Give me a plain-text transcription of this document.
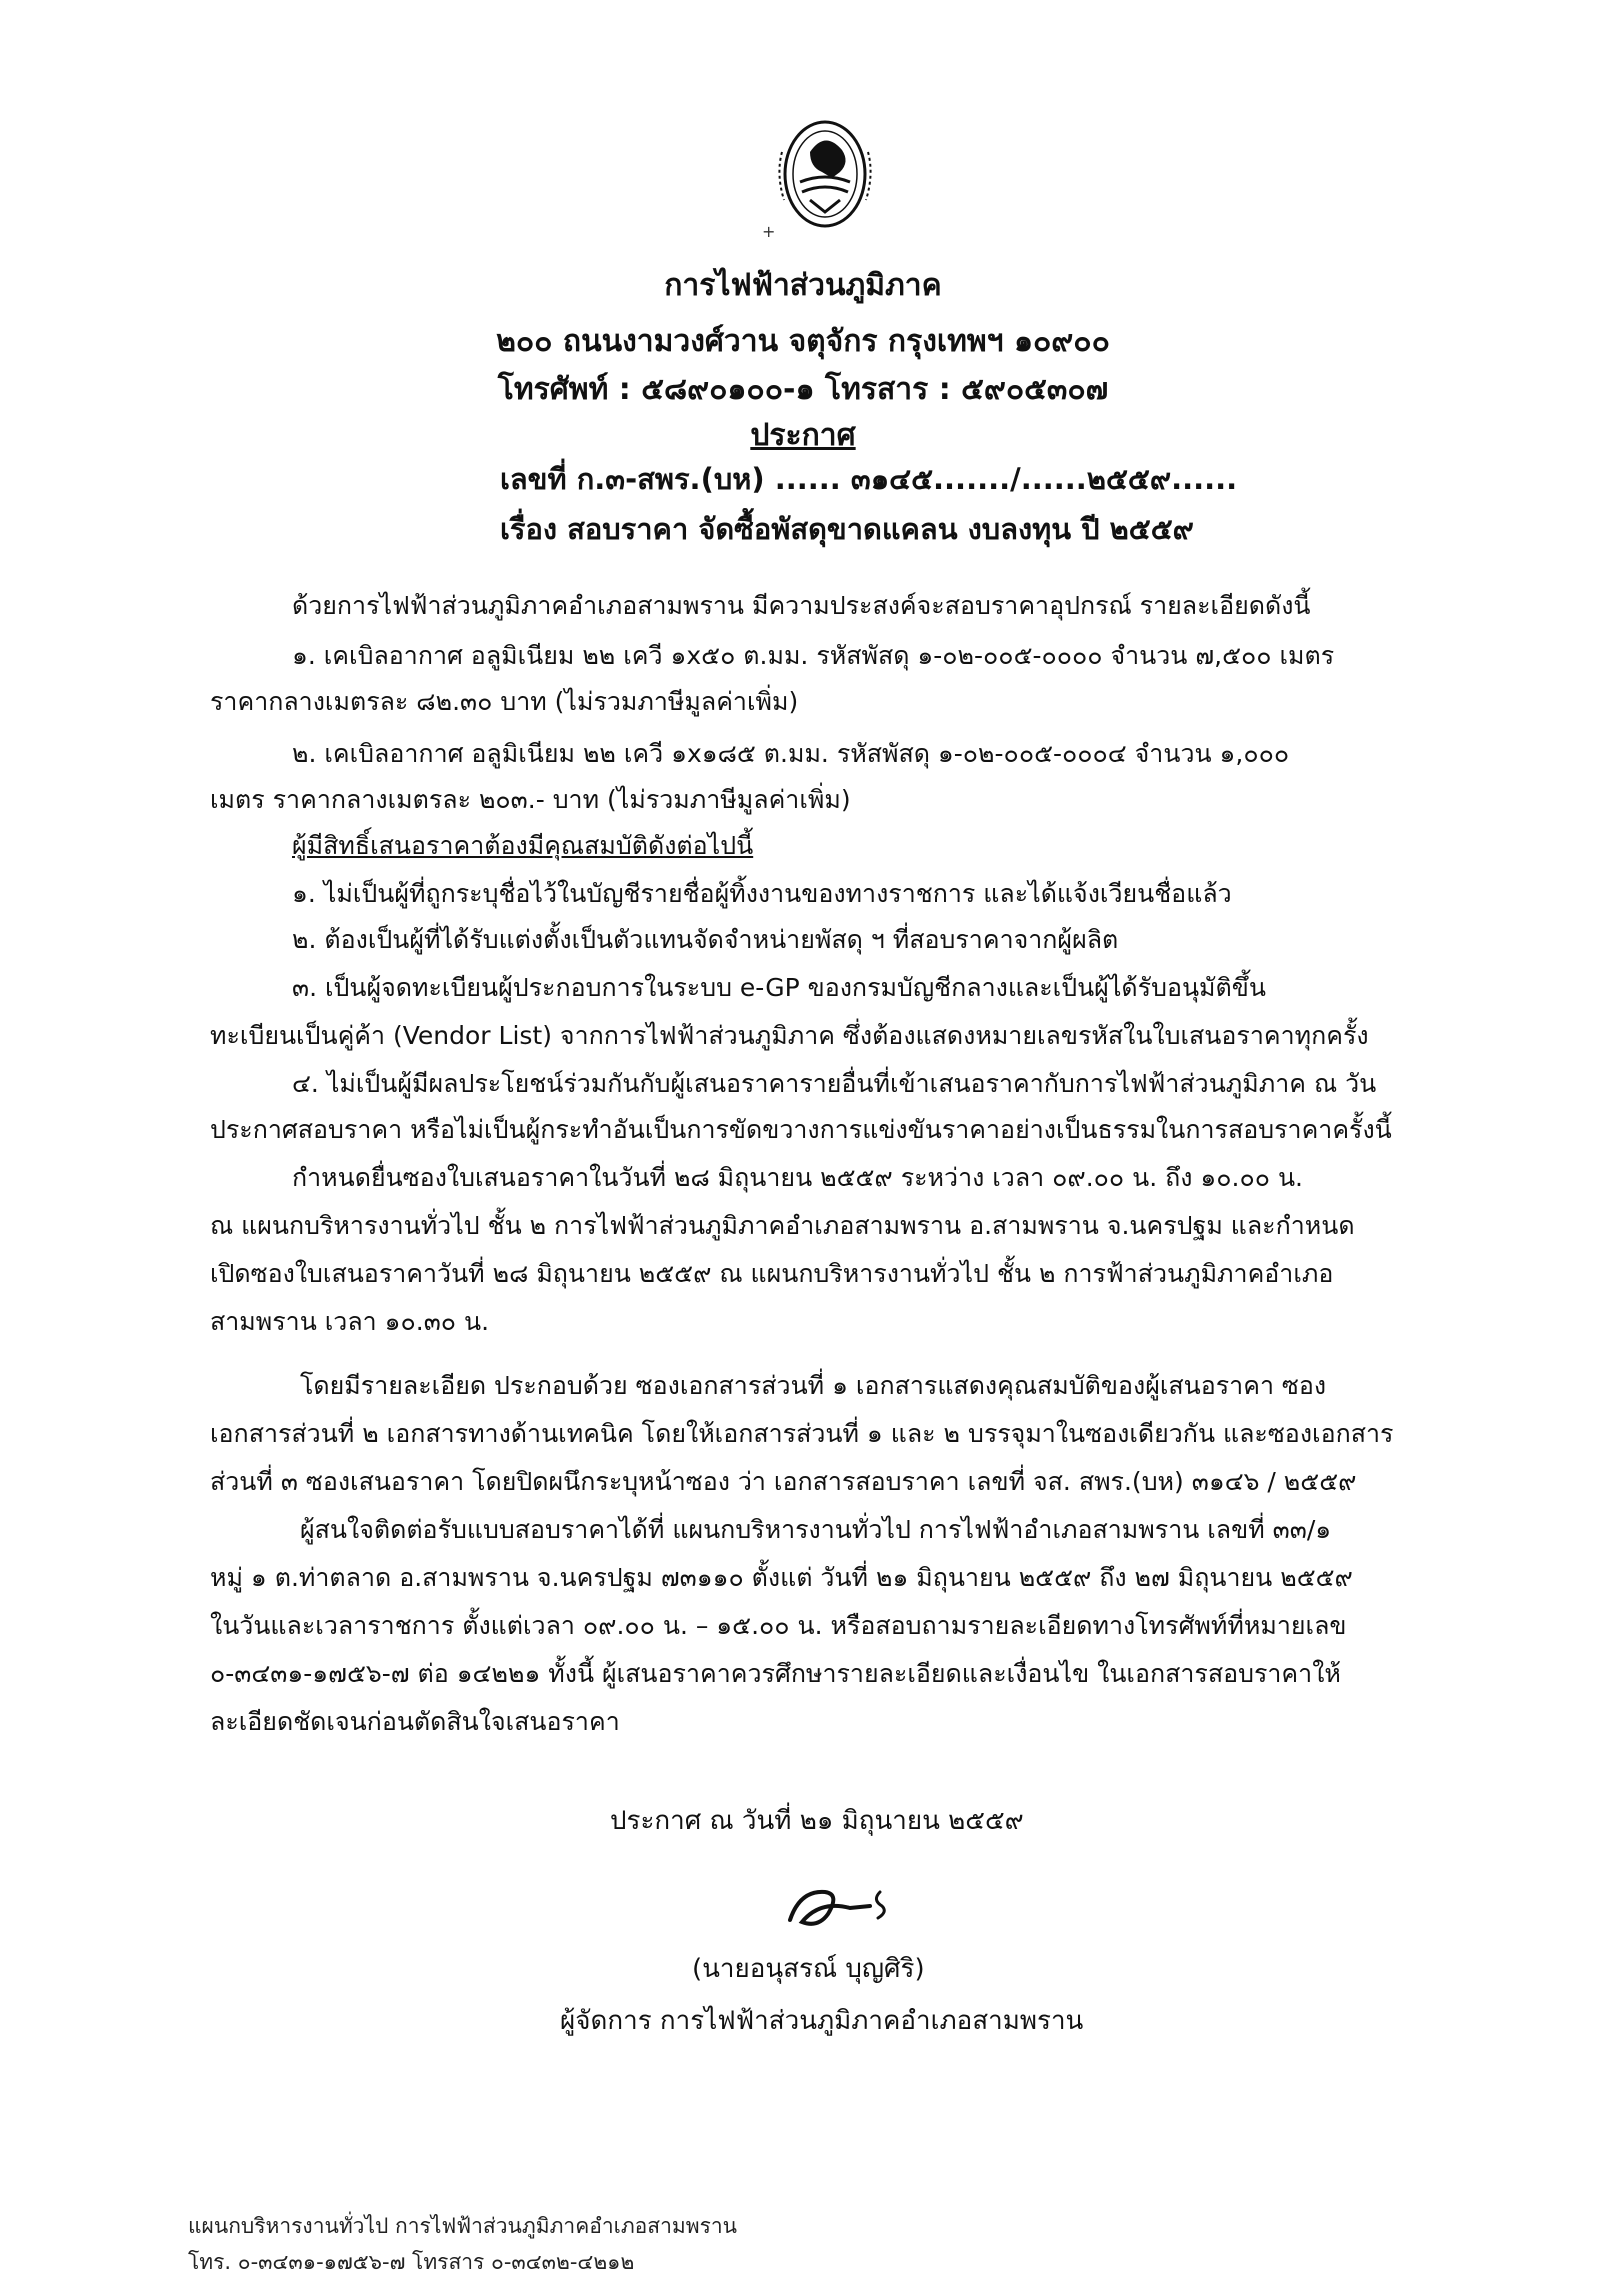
+
การไฟฟ้าส่วนภูมิภาค
๒๐๐ ถนนงามวงศ์วาน จตุจักร กรุงเทพฯ ๑๐๙๐๐
โทรศัพท์ : ๕๘๙๐๑๐๐-๑ โทรสาร : ๕๙๐๕๓๐๗
ประกาศ
เลขที่ ก.๓-สพร.(บห) ...... ๓๑๔๕......./......๒๕๕๙......
เรื่อง สอบราคา จัดซื้อพัสดุขาดแคลน งบลงทุน ปี ๒๕๕๙
ด้วยการไฟฟ้าส่วนภูมิภาคอำเภอสามพราน มีความประสงค์จะสอบราคาอุปกรณ์ รายละเอียดดังนี้
๑. เคเบิลอากาศ อลูมิเนียม ๒๒ เควี ๑x๕๐ ต.มม. รหัสพัสดุ ๑-๐๒-๐๐๕-๐๐๐๐ จำนวน ๗,๕๐๐ เมตร
ราคากลางเมตรละ ๘๒.๓๐ บาท (ไม่รวมภาษีมูลค่าเพิ่ม)
๒. เคเบิลอากาศ อลูมิเนียม ๒๒ เควี ๑x๑๘๕ ต.มม. รหัสพัสดุ ๑-๐๒-๐๐๕-๐๐๐๔ จำนวน ๑,๐๐๐
เมตร ราคากลางเมตรละ ๒๐๓.- บาท (ไม่รวมภาษีมูลค่าเพิ่ม)
ผู้มีสิทธิ์เสนอราคาต้องมีคุณสมบัติดังต่อไปนี้
๑. ไม่เป็นผู้ที่ถูกระบุชื่อไว้ในบัญชีรายชื่อผู้ทิ้งงานของทางราชการ และได้แจ้งเวียนชื่อแล้ว
๒. ต้องเป็นผู้ที่ได้รับแต่งตั้งเป็นตัวแทนจัดจำหน่ายพัสดุ ฯ ที่สอบราคาจากผู้ผลิต
๓. เป็นผู้จดทะเบียนผู้ประกอบการในระบบ e-GP ของกรมบัญชีกลางและเป็นผู้ได้รับอนุมัติขึ้น
ทะเบียนเป็นคู่ค้า (Vendor List) จากการไฟฟ้าส่วนภูมิภาค ซึ่งต้องแสดงหมายเลขรหัสในใบเสนอราคาทุกครั้ง
๔. ไม่เป็นผู้มีผลประโยชน์ร่วมกันกับผู้เสนอราคารายอื่นที่เข้าเสนอราคากับการไฟฟ้าส่วนภูมิภาค ณ วัน
ประกาศสอบราคา หรือไม่เป็นผู้กระทำอันเป็นการขัดขวางการแข่งขันราคาอย่างเป็นธรรมในการสอบราคาครั้งนี้
กำหนดยื่นซองใบเสนอราคาในวันที่ ๒๘ มิถุนายน ๒๕๕๙ ระหว่าง เวลา ๐๙.๐๐ น. ถึง ๑๐.๐๐ น.
ณ แผนกบริหารงานทั่วไป ชั้น ๒ การไฟฟ้าส่วนภูมิภาคอำเภอสามพราน อ.สามพราน จ.นครปฐม และกำหนด
เปิดซองใบเสนอราคาวันที่ ๒๘ มิถุนายน ๒๕๕๙ ณ แผนกบริหารงานทั่วไป ชั้น ๒ การฟ้าส่วนภูมิภาคอำเภอ
สามพราน เวลา ๑๐.๓๐ น.
โดยมีรายละเอียด ประกอบด้วย ซองเอกสารส่วนที่ ๑ เอกสารแสดงคุณสมบัติของผู้เสนอราคา ซอง
เอกสารส่วนที่ ๒ เอกสารทางด้านเทคนิค โดยให้เอกสารส่วนที่ ๑ และ ๒ บรรจุมาในซองเดียวกัน และซองเอกสาร
ส่วนที่ ๓ ซองเสนอราคา โดยปิดผนึกระบุหน้าซอง ว่า เอกสารสอบราคา เลขที่ จส. สพร.(บห) ๓๑๔๖ / ๒๕๕๙
ผู้สนใจติดต่อรับแบบสอบราคาได้ที่ แผนกบริหารงานทั่วไป การไฟฟ้าอำเภอสามพราน เลขที่ ๓๓/๑
หมู่ ๑ ต.ท่าตลาด อ.สามพราน จ.นครปฐม ๗๓๑๑๐ ตั้งแต่ วันที่ ๒๑ มิถุนายน ๒๕๕๙ ถึง ๒๗ มิถุนายน ๒๕๕๙
ในวันและเวลาราชการ ตั้งแต่เวลา ๐๙.๐๐ น. – ๑๕.๐๐ น. หรือสอบถามรายละเอียดทางโทรศัพท์ที่หมายเลข
๐-๓๔๓๑-๑๗๕๖-๗ ต่อ ๑๔๒๒๑ ทั้งนี้ ผู้เสนอราคาควรศึกษารายละเอียดและเงื่อนไข ในเอกสารสอบราคาให้
ละเอียดชัดเจนก่อนตัดสินใจเสนอราคา
ประกาศ ณ วันที่ ๒๑ มิถุนายน ๒๕๕๙
(นายอนุสรณ์ บุญศิริ)
ผู้จัดการ การไฟฟ้าส่วนภูมิภาคอำเภอสามพราน
แผนกบริหารงานทั่วไป การไฟฟ้าส่วนภูมิภาคอำเภอสามพราน
โทร. ๐-๓๔๓๑-๑๗๕๖-๗ โทรสาร ๐-๓๔๓๒-๔๒๑๒
